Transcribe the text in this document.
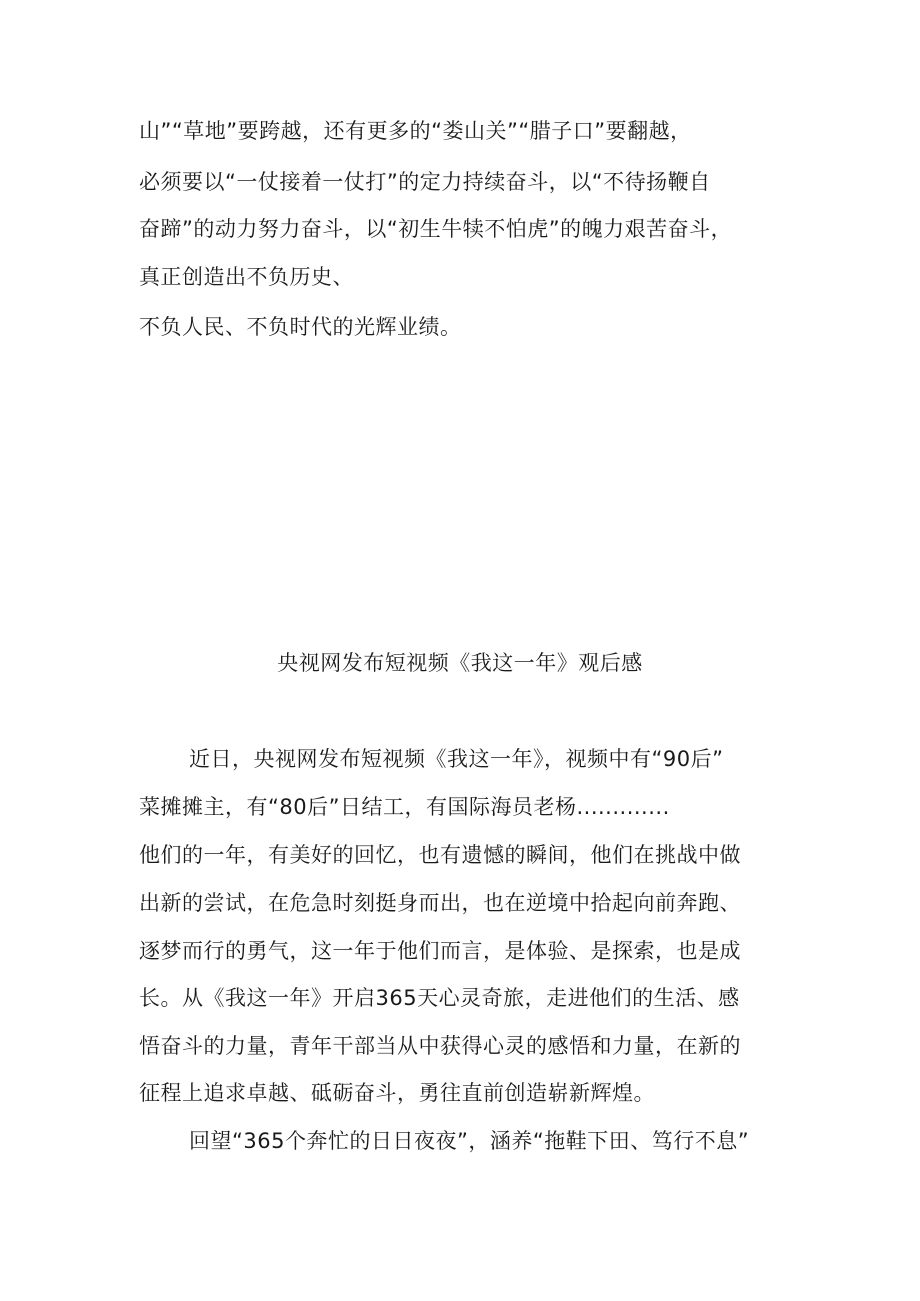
山”“草地”要跨越，还有更多的“娄山关”“腊子口”要翻越，
必须要以“一仗接着一仗打”的定力持续奋斗，以“不待扬鞭自
奋蹄”的动力努力奋斗，以“初生牛犊不怕虎”的魄力艰苦奋斗，
真正创造出不负历史、
不负人民、不负时代的光辉业绩。
央视网发布短视频《我这一年》观后感
近日，央视网发布短视频《我这一年》，视频中有“90后”
菜摊摊主，有“80后”日结工，有国际海员老杨.............
他们的一年，有美好的回忆，也有遗憾的瞬间，他们在挑战中做
出新的尝试，在危急时刻挺身而出，也在逆境中拾起向前奔跑、
逐梦而行的勇气，这一年于他们而言，是体验、是探索，也是成
长。从《我这一年》开启365天心灵奇旅，走进他们的生活、感
悟奋斗的力量，青年干部当从中获得心灵的感悟和力量，在新的
征程上追求卓越、砥砺奋斗，勇往直前创造崭新辉煌。
回望“365个奔忙的日日夜夜”，涵养“拖鞋下田、笃行不息”
